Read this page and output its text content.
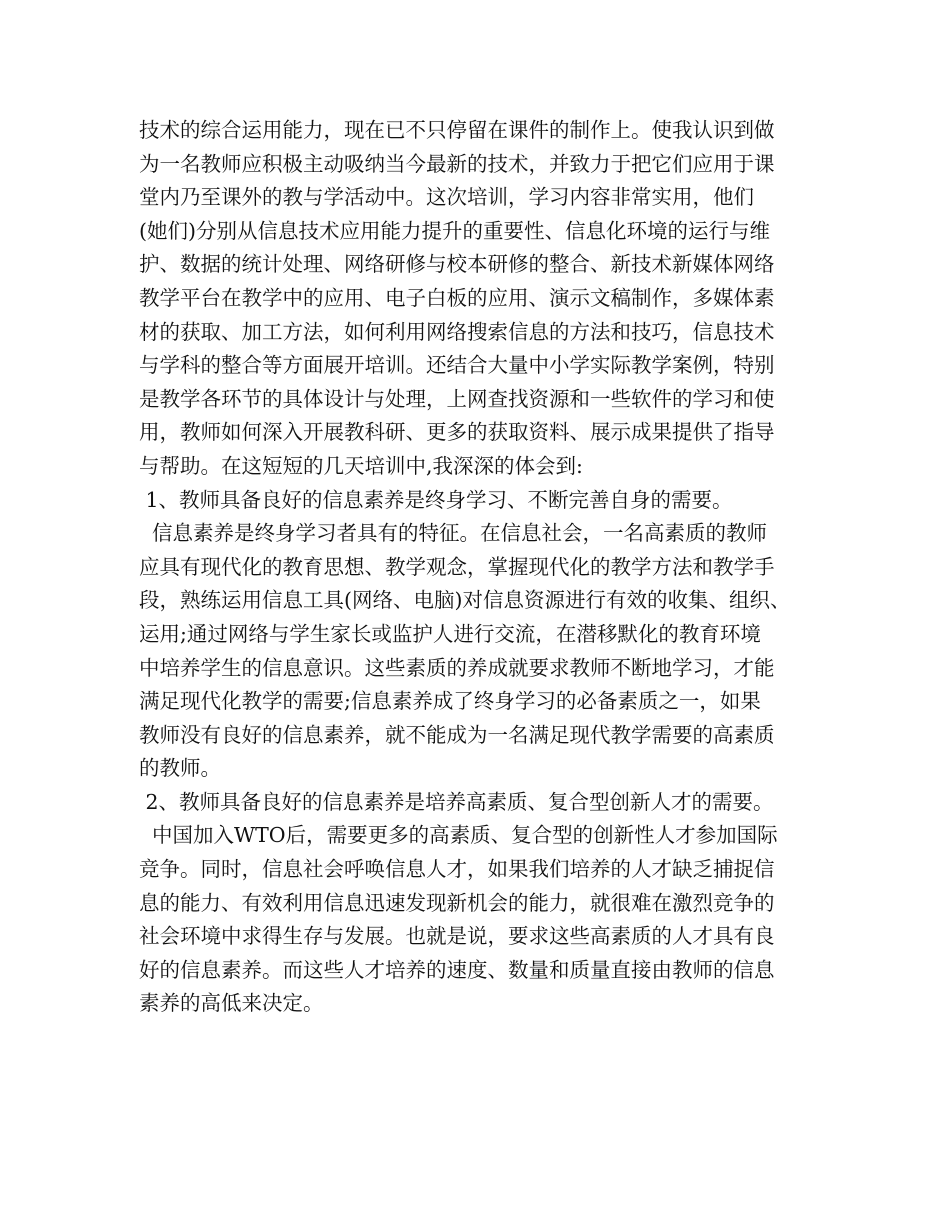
技术的综合运用能力，现在已不只停留在课件的制作上。使我认识到做
为一名教师应积极主动吸纳当今最新的技术，并致力于把它们应用于课
堂内乃至课外的教与学活动中。这次培训，学习内容非常实用，他们
(她们)分别从信息技术应用能力提升的重要性、信息化环境的运行与维
护、数据的统计处理、网络研修与校本研修的整合、新技术新媒体网络
教学平台在教学中的应用、电子白板的应用、演示文稿制作，多媒体素
材的获取、加工方法，如何利用网络搜索信息的方法和技巧，信息技术
与学科的整合等方面展开培训。还结合大量中小学实际教学案例，特别
是教学各环节的具体设计与处理，上网查找资源和一些软件的学习和使
用，教师如何深入开展教科研、更多的获取资料、展示成果提供了指导
与帮助。在这短短的几天培训中,我深深的体会到:
1、教师具备良好的信息素养是终身学习、不断完善自身的需要。
信息素养是终身学习者具有的特征。在信息社会，一名高素质的教师
应具有现代化的教育思想、教学观念，掌握现代化的教学方法和教学手
段，熟练运用信息工具(网络、电脑)对信息资源进行有效的收集、组织、
运用;通过网络与学生家长或监护人进行交流，在潜移默化的教育环境
中培养学生的信息意识。这些素质的养成就要求教师不断地学习，才能
满足现代化教学的需要;信息素养成了终身学习的必备素质之一，如果
教师没有良好的信息素养，就不能成为一名满足现代教学需要的高素质
的教师。
2、教师具备良好的信息素养是培养高素质、复合型创新人才的需要。
中国加入WTO后，需要更多的高素质、复合型的创新性人才参加国际
竞争。同时，信息社会呼唤信息人才，如果我们培养的人才缺乏捕捉信
息的能力、有效利用信息迅速发现新机会的能力，就很难在激烈竞争的
社会环境中求得生存与发展。也就是说，要求这些高素质的人才具有良
好的信息素养。而这些人才培养的速度、数量和质量直接由教师的信息
素养的高低来决定。
